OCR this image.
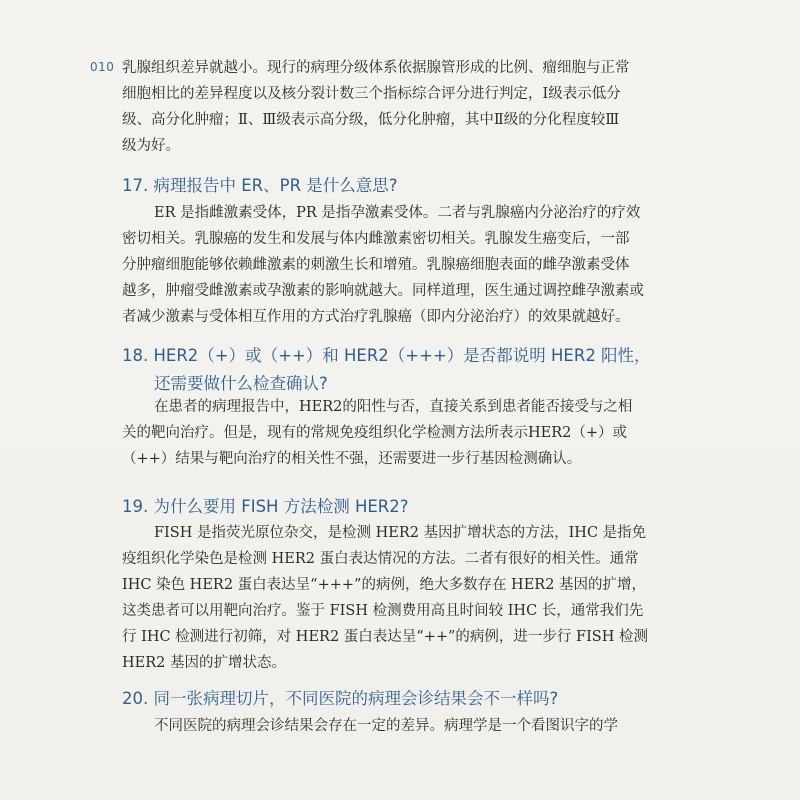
010 乳腺组织差异就越小。现行的病理分级体系依据腺管形成的比例、瘤细胞与正常
细胞相比的差异程度以及核分裂计数三个指标综合评分进行判定，Ⅰ级表示低分
级、高分化肿瘤；Ⅱ、Ⅲ级表示高分级，低分化肿瘤，其中Ⅱ级的分化程度较Ⅲ
级为好。

17. 病理报告中 ER、PR 是什么意思?

ER 是指雌激素受体，PR 是指孕激素受体。二者与乳腺癌内分泌治疗的疗效
密切相关。乳腺癌的发生和发展与体内雌激素密切相关。乳腺发生癌变后，一部
分肿瘤细胞能够依赖雌激素的刺激生长和增殖。乳腺癌细胞表面的雌孕激素受体
越多，肿瘤受雌激素或孕激素的影响就越大。同样道理，医生通过调控雌孕激素或
者减少激素与受体相互作用的方式治疗乳腺癌（即内分泌治疗）的效果就越好。

18. HER2（+）或（++）和 HER2（+++）是否都说明 HER2 阳性，
还需要做什么检查确认?

在患者的病理报告中，HER2的阳性与否，直接关系到患者能否接受与之相
关的靶向治疗。但是，现有的常规免疫组织化学检测方法所表示HER2（+）或
（++）结果与靶向治疗的相关性不强，还需要进一步行基因检测确认。

19. 为什么要用 FISH 方法检测 HER2?

FISH 是指荧光原位杂交，是检测 HER2 基因扩增状态的方法，IHC 是指免
疫组织化学染色是检测 HER2 蛋白表达情况的方法。二者有很好的相关性。通常
IHC 染色 HER2 蛋白表达呈“+++”的病例，绝大多数存在 HER2 基因的扩增，
这类患者可以用靶向治疗。鉴于 FISH 检测费用高且时间较 IHC 长，通常我们先
行 IHC 检测进行初筛，对 HER2 蛋白表达呈“++”的病例，进一步行 FISH 检测
HER2 基因的扩增状态。

20. 同一张病理切片，不同医院的病理会诊结果会不一样吗?

不同医院的病理会诊结果会存在一定的差异。病理学是一个看图识字的学
